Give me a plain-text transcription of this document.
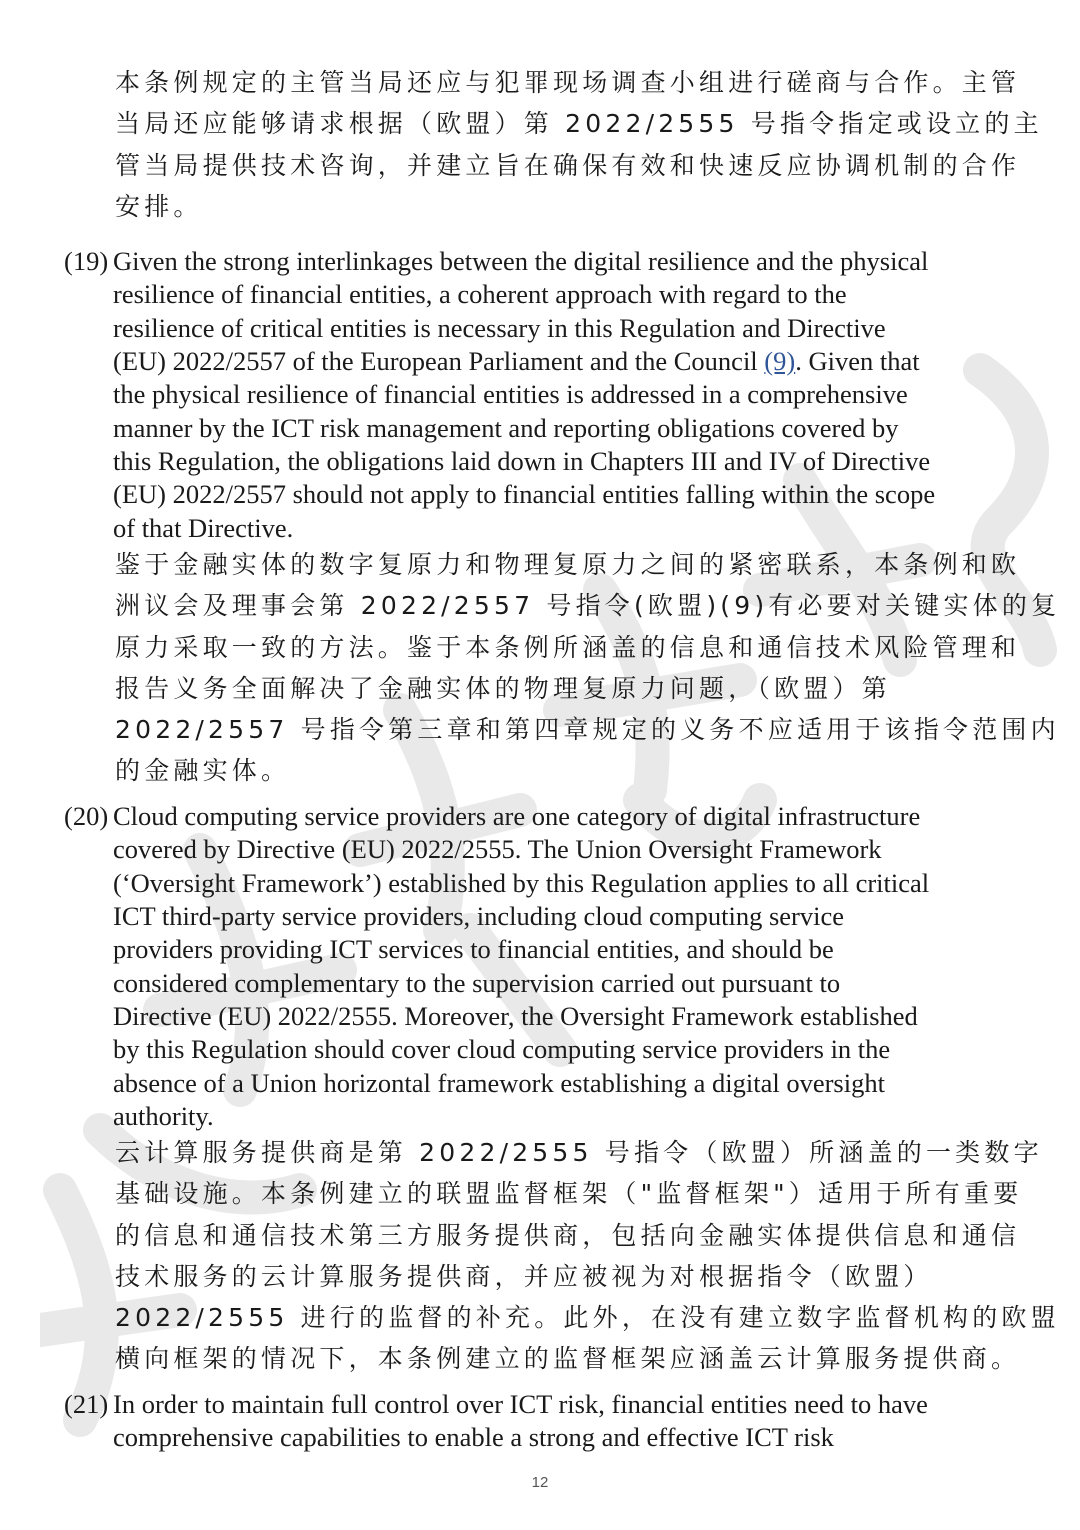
本条例规定的主管当局还应与犯罪现场调查小组进行磋商与合作。主管
当局还应能够请求根据（欧盟）第 2022/2555 号指令指定或设立的主
管当局提供技术咨询，并建立旨在确保有效和快速反应协调机制的合作
安排。
(19) Given the strong interlinkages between the digital resilience and the physical
resilience of financial entities, a coherent approach with regard to the
resilience of critical entities is necessary in this Regulation and Directive
(EU) 2022/2557 of the European Parliament and the Council (9). Given that
the physical resilience of financial entities is addressed in a comprehensive
manner by the ICT risk management and reporting obligations covered by
this Regulation, the obligations laid down in Chapters III and IV of Directive
(EU) 2022/2557 should not apply to financial entities falling within the scope
of that Directive.
鉴于金融实体的数字复原力和物理复原力之间的紧密联系，本条例和欧
洲议会及理事会第 2022/2557 号指令(欧盟)(9)有必要对关键实体的复
原力采取一致的方法。鉴于本条例所涵盖的信息和通信技术风险管理和
报告义务全面解决了金融实体的物理复原力问题，（欧盟）第
2022/2557 号指令第三章和第四章规定的义务不应适用于该指令范围内
的金融实体。
(20) Cloud computing service providers are one category of digital infrastructure
covered by Directive (EU) 2022/2555. The Union Oversight Framework
(‘Oversight Framework’) established by this Regulation applies to all critical
ICT third-party service providers, including cloud computing service
providers providing ICT services to financial entities, and should be
considered complementary to the supervision carried out pursuant to
Directive (EU) 2022/2555. Moreover, the Oversight Framework established
by this Regulation should cover cloud computing service providers in the
absence of a Union horizontal framework establishing a digital oversight
authority.
云计算服务提供商是第 2022/2555 号指令（欧盟）所涵盖的一类数字
基础设施。本条例建立的联盟监督框架（"监督框架"）适用于所有重要
的信息和通信技术第三方服务提供商，包括向金融实体提供信息和通信
技术服务的云计算服务提供商，并应被视为对根据指令（欧盟）
2022/2555 进行的监督的补充。此外，在没有建立数字监督机构的欧盟
横向框架的情况下，本条例建立的监督框架应涵盖云计算服务提供商。
(21) In order to maintain full control over ICT risk, financial entities need to have
comprehensive capabilities to enable a strong and effective ICT risk
12
